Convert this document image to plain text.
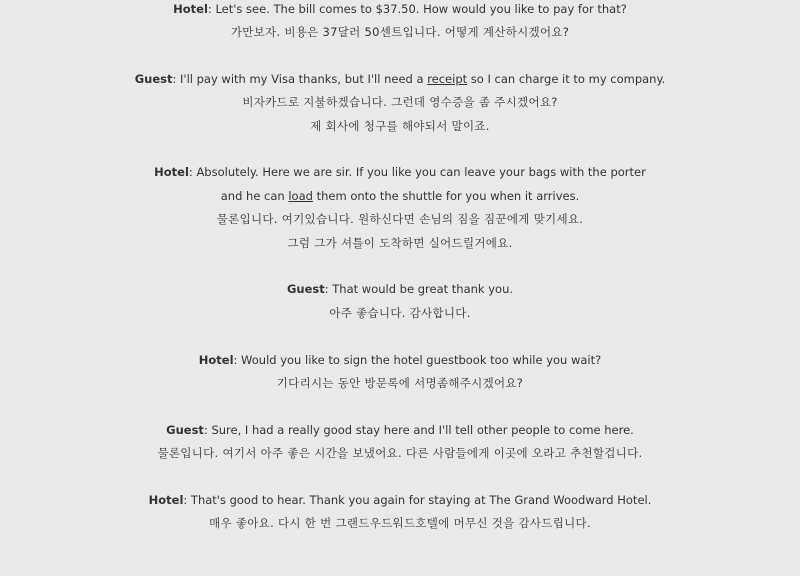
Hotel: Let's see. The bill comes to $37.50. How would you like to pay for that?
가만보자. 비용은 37달러 50센트입니다. 어떻게 계산하시겠어요?
Guest: I'll pay with my Visa thanks, but I'll need a receipt so I can charge it to my company.
비자카드로 지불하겠습니다. 그런데 영수증을 좀 주시겠어요?
제 회사에 청구를 해야되서 말이죠.
Hotel: Absolutely. Here we are sir. If you like you can leave your bags with the porter
and he can load them onto the shuttle for you when it arrives.
물론입니다. 여기있습니다. 원하신다면 손님의 짐을 짐꾼에게 맞기세요.
그럼 그가 셔틀이 도착하면 실어드릴거에요.
Guest: That would be great thank you.
아주 좋습니다. 감사합니다.
Hotel: Would you like to sign the hotel guestbook too while you wait?
기다리시는 동안 방문록에 서명좀해주시겠어요?
Guest: Sure, I had a really good stay here and I'll tell other people to come here.
물론입니다. 여기서 아주 좋은 시간을 보냈어요. 다른 사람들에게 이곳에 오라고 추천할겁니다.
Hotel: That's good to hear. Thank you again for staying at The Grand Woodward Hotel.
매우 좋아요. 다시 한 번 그랜드우드워드호텔에 머무신 것을 감사드립니다.
